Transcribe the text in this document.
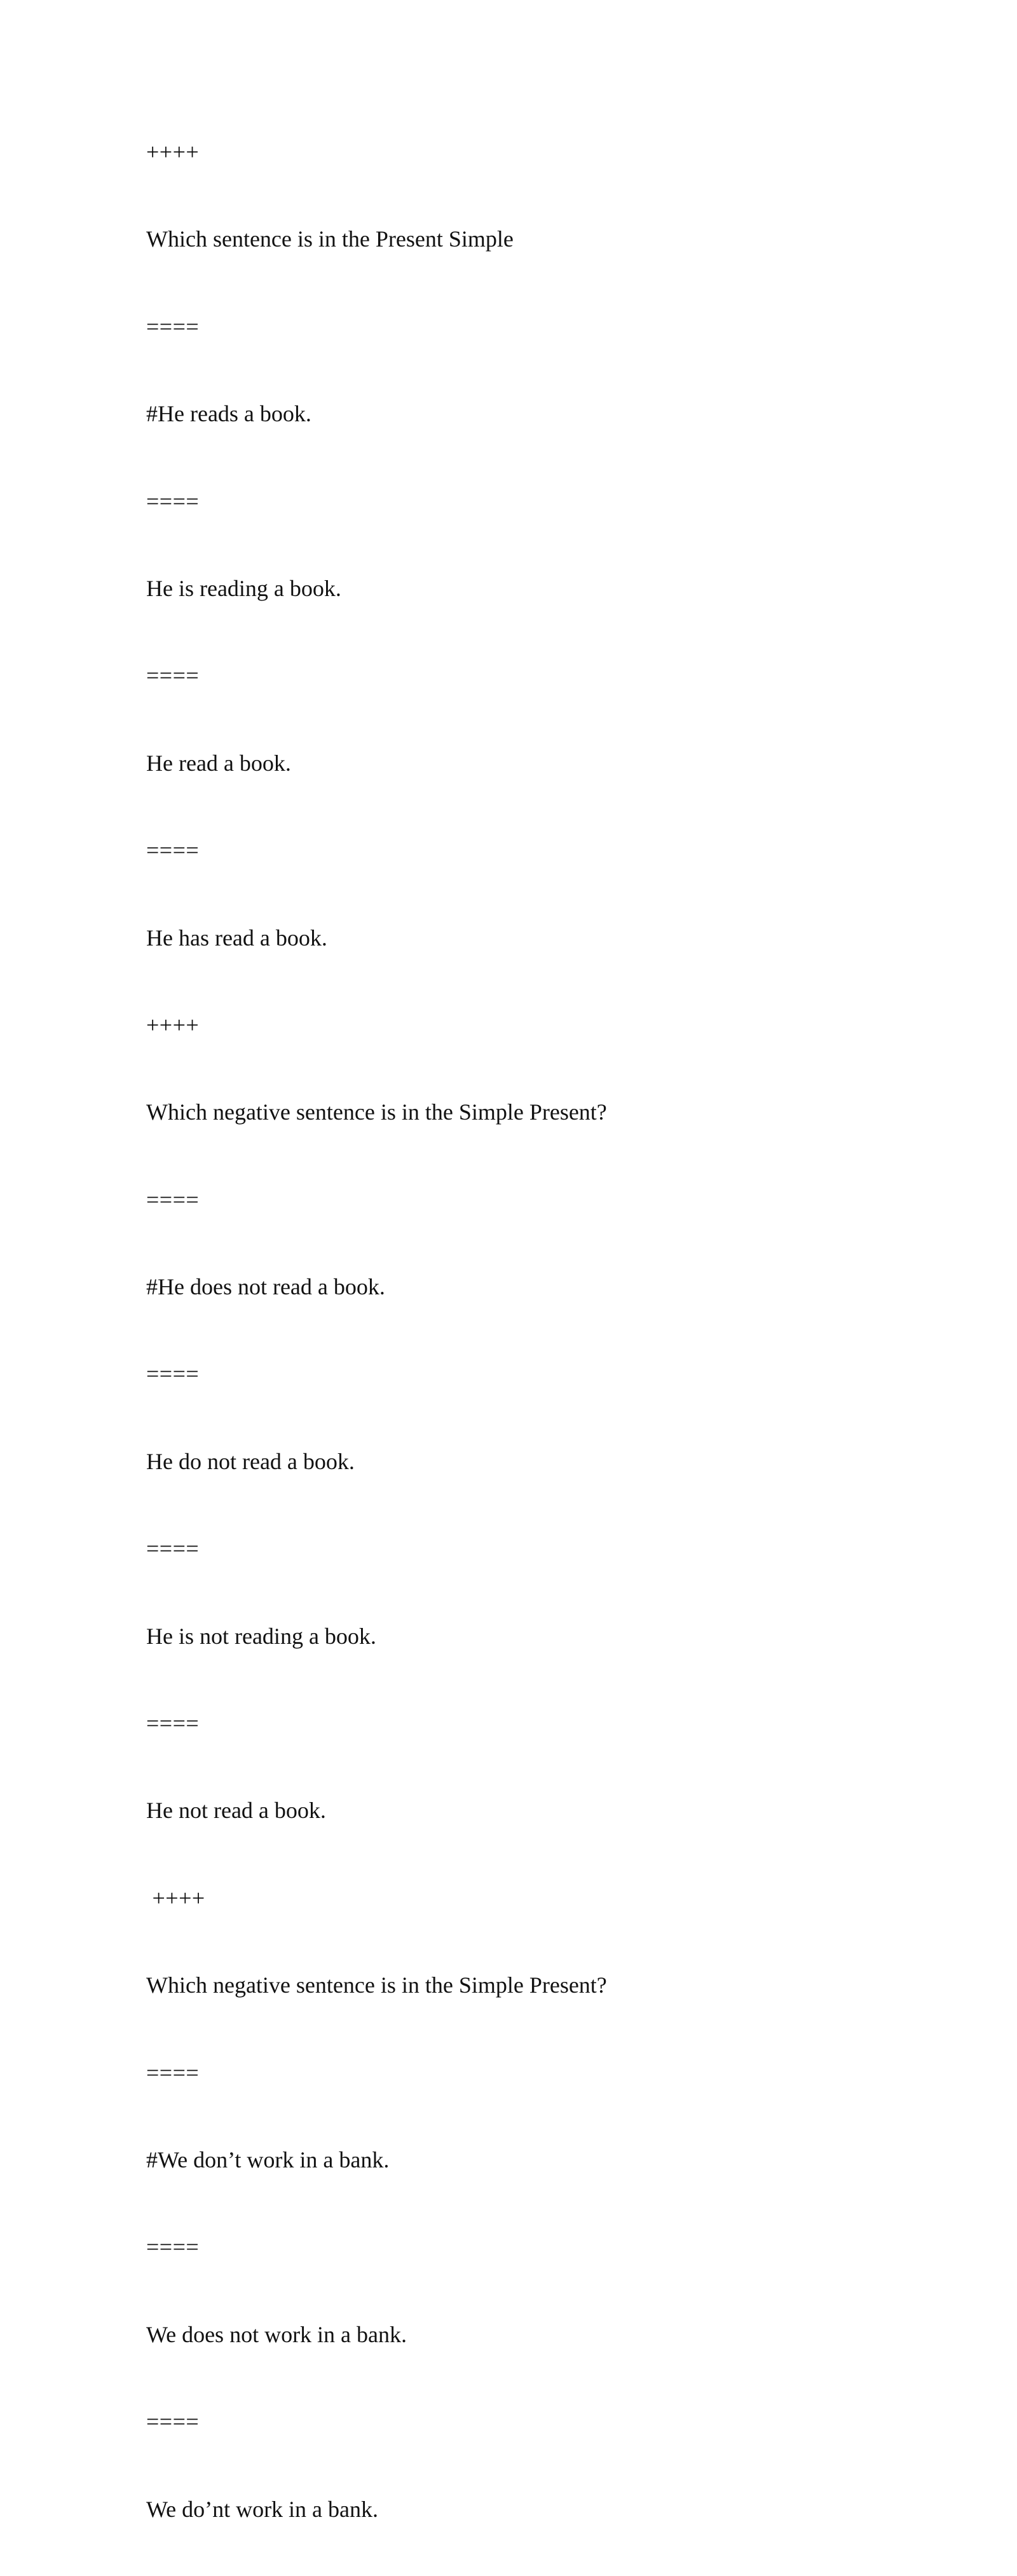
++++

Which sentence is in the Present Simple

====

#He reads a book.

====

He is reading a book.

====

He read a book.

====

He has read a book.

++++

Which negative sentence is in the Simple Present?

====

#He does not read a book.

====

He do not read a book.

====

He is not reading a book.

====

He not read a book.

++++

Which negative sentence is in the Simple Present?

====

#We don’t work in a bank.

====

We does not work in a bank.

====

We do’nt work in a bank.
